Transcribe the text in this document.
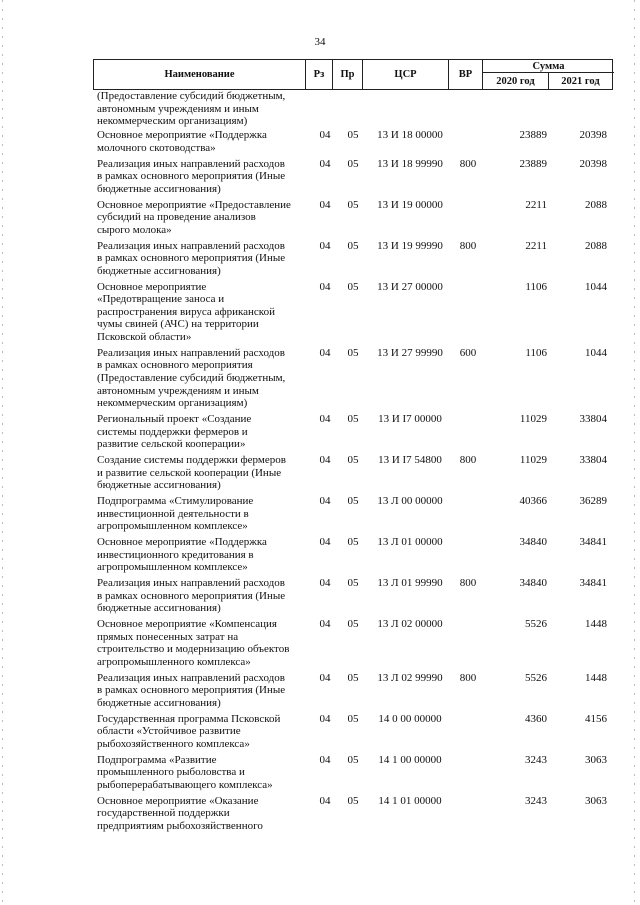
34
Наименование	Рз	Пр	ЦСР	ВР
Сумма
2020 год	2021 год
(Предоставление субсидий бюджетным,
автономным учреждениям и иным
некоммерческим организациям)
Основное мероприятие «Поддержка
молочного скотоводства»
04	05	13 И 18 00000	23889	20398
Реализация иных направлений расходов
в рамках основного мероприятия (Иные
бюджетные ассигнования)
04	05	13 И 18 99990	800	23889	20398
Основное мероприятие «Предоставление
субсидий на проведение анализов
сырого молока»
04	05	13 И 19 00000	2211	2088
Реализация иных направлений расходов
в рамках основного мероприятия (Иные
бюджетные ассигнования)
04	05	13 И 19 99990	800	2211	2088
Основное мероприятие
«Предотвращение заноса и
распространения вируса африканской
чумы свиней (АЧС) на территории
Псковской области»
04	05	13 И 27 00000	1106	1044
Реализация иных направлений расходов
в рамках основного мероприятия
(Предоставление субсидий бюджетным,
автономным учреждениям и иным
некоммерческим организациям)
04	05	13 И 27 99990	600	1106	1044
Региональный проект «Создание
системы поддержки фермеров и
развитие сельской кооперации»
04	05	13 И I7 00000	11029	33804
Создание системы поддержки фермеров
и развитие сельской кооперации (Иные
бюджетные ассигнования)
04	05	13 И I7 54800	800	11029	33804
Подпрограмма «Стимулирование
инвестиционной деятельности в
агропромышленном комплексе»
04	05	13 Л 00 00000	40366	36289
Основное мероприятие «Поддержка
инвестиционного кредитования в
агропромышленном комплексе»
04	05	13 Л 01 00000	34840	34841
Реализация иных направлений расходов
в рамках основного мероприятия (Иные
бюджетные ассигнования)
04	05	13 Л 01 99990	800	34840	34841
Основное мероприятие «Компенсация
прямых понесенных затрат на
строительство и модернизацию объектов
агропромышленного комплекса»
04	05	13 Л 02 00000	5526	1448
Реализация иных направлений расходов
в рамках основного мероприятия (Иные
бюджетные ассигнования)
04	05	13 Л 02 99990	800	5526	1448
Государственная программа Псковской
области «Устойчивое развитие
рыбохозяйственного комплекса»
04	05	14 0 00 00000	4360	4156
Подпрограмма «Развитие
промышленного рыболовства и
рыбоперерабатывающего комплекса»
04	05	14 1 00 00000	3243	3063
Основное мероприятие «Оказание
государственной поддержки
предприятиям рыбохозяйственного
04	05	14 1 01 00000	3243	3063
